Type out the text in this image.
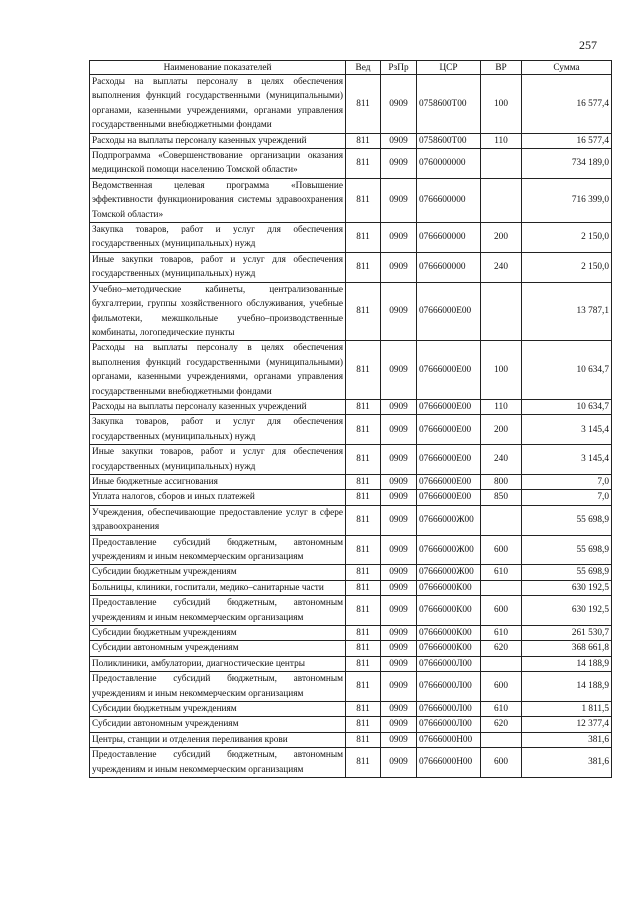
257
Наименование показателей	Вед	РзПр	ЦСР	ВР	Сумма
Расходы на выплаты персоналу в целях обеспечения выполнения функций государственными (муниципальными) органами, казенными учреждениями, органами управления государственными внебюджетными фондами	811	0909	0758600Т00	100	16 577,4
Расходы на выплаты персоналу казенных учреждений	811	0909	0758600Т00	110	16 577,4
Подпрограмма «Совершенствование организации оказания медицинской помощи населению Томской области»	811	0909	0760000000		734 189,0
Ведомственная целевая программа «Повышение эффективности функционирования системы здравоохранения Томской области»	811	0909	0766600000		716 399,0
Закупка товаров, работ и услуг для обеспечения государственных (муниципальных) нужд	811	0909	0766600000	200	2 150,0
Иные закупки товаров, работ и услуг для обеспечения государственных (муниципальных) нужд	811	0909	0766600000	240	2 150,0
Учебно–методические кабинеты, централизованные бухгалтерии, группы хозяйственного обслуживания, учебные фильмотеки, межшкольные учебно–производственные комбинаты, логопедические пункты	811	0909	07666000Е00		13 787,1
Расходы на выплаты персоналу в целях обеспечения выполнения функций государственными (муниципальными) органами, казенными учреждениями, органами управления государственными внебюджетными фондами	811	0909	07666000Е00	100	10 634,7
Расходы на выплаты персоналу казенных учреждений	811	0909	07666000Е00	110	10 634,7
Закупка товаров, работ и услуг для обеспечения государственных (муниципальных) нужд	811	0909	07666000Е00	200	3 145,4
Иные закупки товаров, работ и услуг для обеспечения государственных (муниципальных) нужд	811	0909	07666000Е00	240	3 145,4
Иные бюджетные ассигнования	811	0909	07666000Е00	800	7,0
Уплата налогов, сборов и иных платежей	811	0909	07666000Е00	850	7,0
Учреждения, обеспечивающие предоставление услуг в сфере здравоохранения	811	0909	07666000Ж00		55 698,9
Предоставление субсидий бюджетным, автономным учреждениям и иным некоммерческим организациям	811	0909	07666000Ж00	600	55 698,9
Субсидии бюджетным учреждениям	811	0909	07666000Ж00	610	55 698,9
Больницы, клиники, госпитали, медико–санитарные части	811	0909	07666000К00		630 192,5
Предоставление субсидий бюджетным, автономным учреждениям и иным некоммерческим организациям	811	0909	07666000К00	600	630 192,5
Субсидии бюджетным учреждениям	811	0909	07666000К00	610	261 530,7
Субсидии автономным учреждениям	811	0909	07666000К00	620	368 661,8
Поликлиники, амбулатории, диагностические центры	811	0909	07666000Л00		14 188,9
Предоставление субсидий бюджетным, автономным учреждениям и иным некоммерческим организациям	811	0909	07666000Л00	600	14 188,9
Субсидии бюджетным учреждениям	811	0909	07666000Л00	610	1 811,5
Субсидии автономным учреждениям	811	0909	07666000Л00	620	12 377,4
Центры, станции и отделения переливания крови	811	0909	07666000Н00		381,6
Предоставление субсидий бюджетным, автономным учреждениям и иным некоммерческим организациям	811	0909	07666000Н00	600	381,6
